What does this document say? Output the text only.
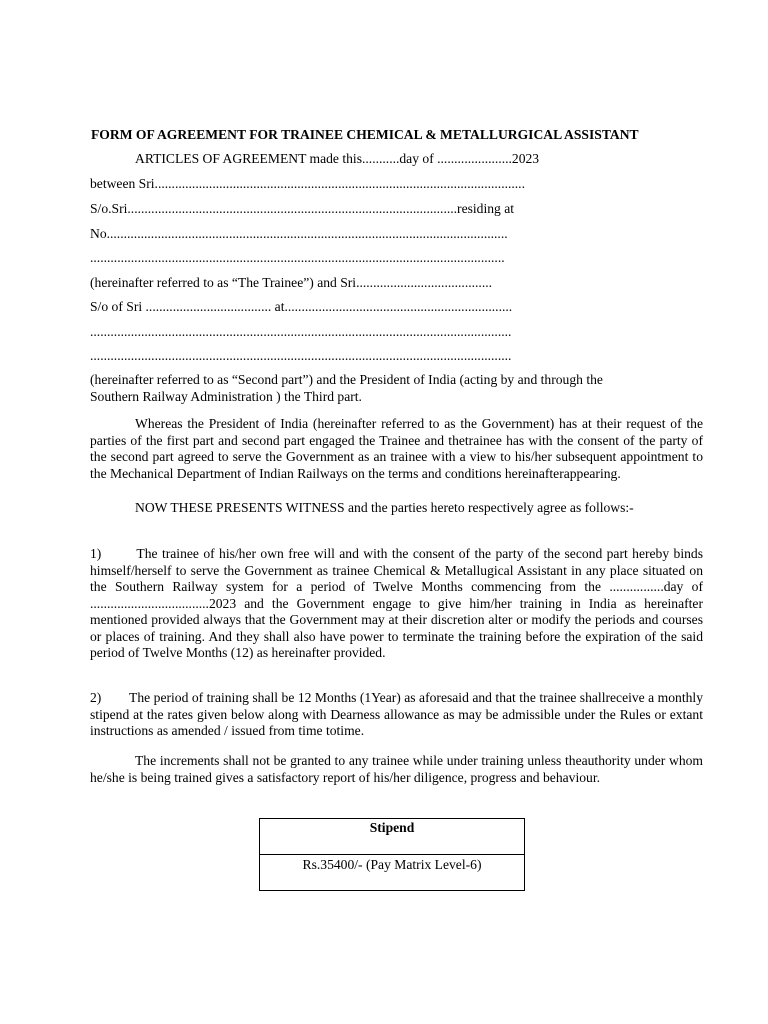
FORM OF AGREEMENT FOR TRAINEE CHEMICAL & METALLURGICAL ASSISTANT
ARTICLES OF AGREEMENT made this...........day of ......................2023
between Sri.............................................................................................................
S/o.Sri.................................................................................................residing at
No......................................................................................................................
..........................................................................................................................
(hereinafter referred to as “The Trainee”) and Sri........................................
S/o of Sri ..................................... at...................................................................
............................................................................................................................
............................................................................................................................
(hereinafter referred to as “Second part”) and the President of India (acting by and through the Southern Railway Administration ) the Third part.
Whereas the President of India (hereinafter referred to as the Government) has at their request of the parties of the first part and second part engaged the Trainee and thetrainee has with the consent of the party of the second part agreed to serve the Government as an trainee with a view to his/her subsequent appointment to the Mechanical Department of Indian Railways on the terms and conditions hereinafterappearing.
NOW THESE PRESENTS WITNESS and the parties hereto respectively agree as follows:-
1)        The trainee of his/her own free will and with the consent of the party of the second part hereby binds himself/herself to serve the Government as trainee Chemical & Metallugical Assistant in any place situated on the Southern Railway system for a period of Twelve Months commencing from the ................day of ...................................2023 and the Government engage to give him/her training in India as hereinafter mentioned provided always that the Government may at their discretion alter or modify the periods and courses or places of training. And they shall also have power to terminate the training before the expiration of the said period of Twelve Months (12) as hereinafter provided.
2)        The period of training shall be 12 Months (1Year) as aforesaid and that the trainee shallreceive a monthly stipend at the rates given below along with Dearness allowance as may be admissible under the Rules or extant instructions as amended / issued from time totime.
The increments shall not be granted to any trainee while under training unless theauthority under whom he/she is being trained gives a satisfactory report of his/her diligence, progress and behaviour.
Stipend
Rs.35400/- (Pay Matrix Level-6)
